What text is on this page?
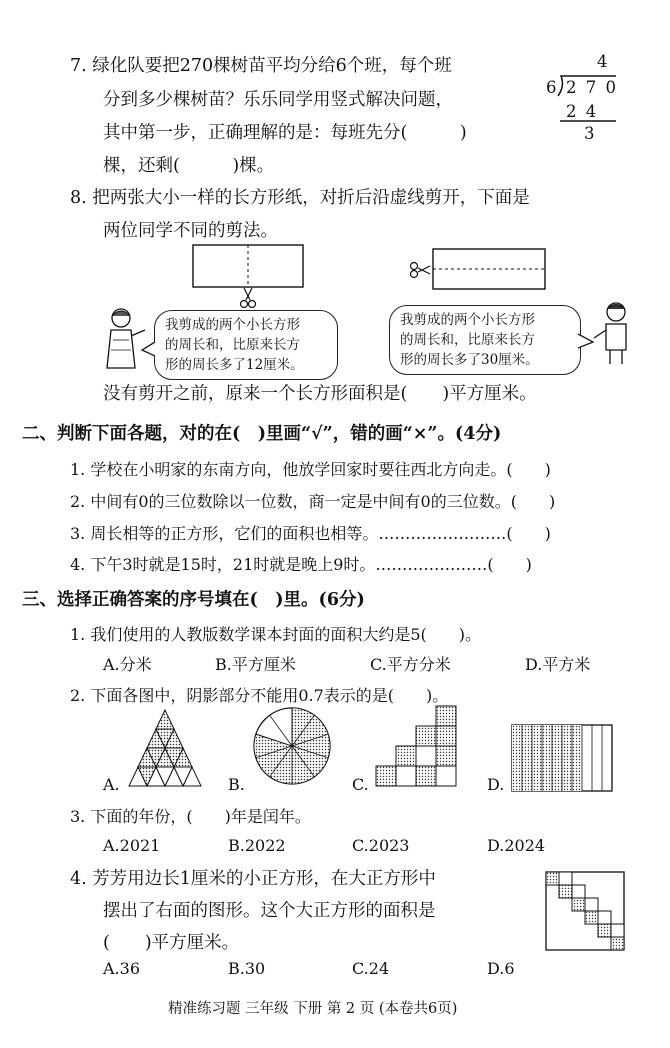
7. 绿化队要把270棵树苗平均分给6个班，每个班
分到多少棵树苗？乐乐同学用竖式解决问题，
其中第一步，正确理解的是：每班先分(　　　)
棵，还剩(　　　)棵。
4
6 2 7 0
2 4
3
8. 把两张大小一样的长方形纸，对折后沿虚线剪开，下面是
两位同学不同的剪法。
我剪成的两个小长方形
的周长和，比原来长方
形的周长多了12厘米。
我剪成的两个小长方形
的周长和，比原来长方
形的周长多了30厘米。
没有剪开之前，原来一个长方形面积是(　　)平方厘米。
二、判断下面各题，对的在(　)里画“√”，错的画“×”。(4分)
1. 学校在小明家的东南方向，他放学回家时要往西北方向走。(　　)
2. 中间有0的三位数除以一位数，商一定是中间有0的三位数。(　　)
3. 周长相等的正方形，它们的面积也相等。……………………(　　)
4. 下午3时就是15时，21时就是晚上9时。…………………(　　)
三、选择正确答案的序号填在(　)里。(6分)
1. 我们使用的人教版数学课本封面的面积大约是5(　　)。
A.分米	B.平方厘米	C.平方分米	D.平方米
2. 下面各图中，阴影部分不能用0.7表示的是(　　)。
A.	B.	C.	D.
3. 下面的年份，(　　)年是闰年。
A.2021	B.2022	C.2023	D.2024
4. 芳芳用边长1厘米的小正方形，在大正方形中
摆出了右面的图形。这个大正方形的面积是
(　　)平方厘米。
A.36	B.30	C.24	D.6
精准练习题 三年级 下册 第 2 页 (本卷共6页)
